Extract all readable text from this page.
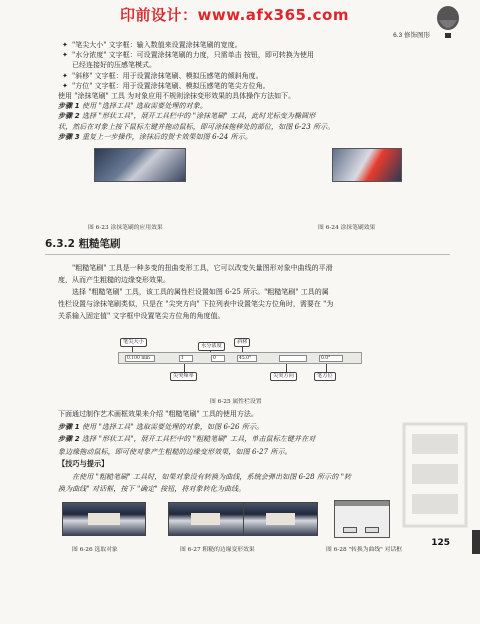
印前设计：www.afx365.com
6.3 修饰图形
✦ "笔尖大小" 文字框：输入数值来设置涂抹笔刷的宽度。
✦ "水分浓度" 文字框：可设置涂抹笔刷的力度，只需单击 按钮，即可转换为使用
已经连接好的压感笔模式。
✦ "斜移" 文字框：用于设置涂抹笔刷、模拟压感笔的倾斜角度。
✦ "方位" 文字框：用于设置涂抹笔刷、模拟压感笔的笔尖方位角。
使用 "涂抹笔刷" 工具 为对象应用不规则涂抹变形效果的具体操作方法如下。
步骤 1 使用 "选择工具" 选取需要处理的对象。
步骤 2 选择 "形状工具"，展开工具栏中的 "涂抹笔刷" 工具，此时光标变为椭圆形
状，然后在对象上按下鼠标左键并拖动鼠标，即可涂抹拖移处的部位，如图 6-23 所示。
步骤 3 重复上一步操作，涂抹后的贺卡效果如图 6-24 所示。
图 6-23 涂抹笔刷的应用效果	图 6-24 涂抹笔刷效果
6.3.2 粗糙笔刷
"粗糙笔刷" 工具是一种多变的扭曲变形工具，它可以改变矢量图形对象中曲线的平滑
度，从而产生粗糙的边缘变形效果。
选择 "粗糙笔刷" 工具，该工具的属性栏设置如图 6-25 所示。"粗糙笔刷" 工具的属
性栏设置与涂抹笔刷类似，只是在 "尖突方向" 下拉列表中设置笔尖方位角时，需要在 "为
关系输入固定值" 文字框中设置笔尖方位角的角度值。
笔尖大小
水分浓度
斜移
0.100 mm	1	0	45.0°	0.0°
尖突频率	尖突方向	笔方位
图 6-25 属性栏设置
下面通过制作艺术画框效果来介绍 "粗糙笔刷" 工具的使用方法。
步骤 1 使用 "选择工具" 选取需要处理的对象，如图 6-26 所示。
步骤 2 选择 "形状工具"，展开工具栏中的 "粗糙笔刷" 工具，单击鼠标左键并在对
象边缘拖动鼠标，即可使对象产生粗糙的边缘变形效果，如图 6-27 所示。
【技巧与提示】
在使用 "粗糙笔刷" 工具时，如果对象没有转换为曲线，系统会弹出如图 6-28 所示的 "转
换为曲线" 对话框，按下 "确定" 按钮，将对象转化为曲线。
图 6-26 选取对象	图 6-27 粗糙的边缘变形效果	图 6-28 "转换为曲线" 对话框
125
